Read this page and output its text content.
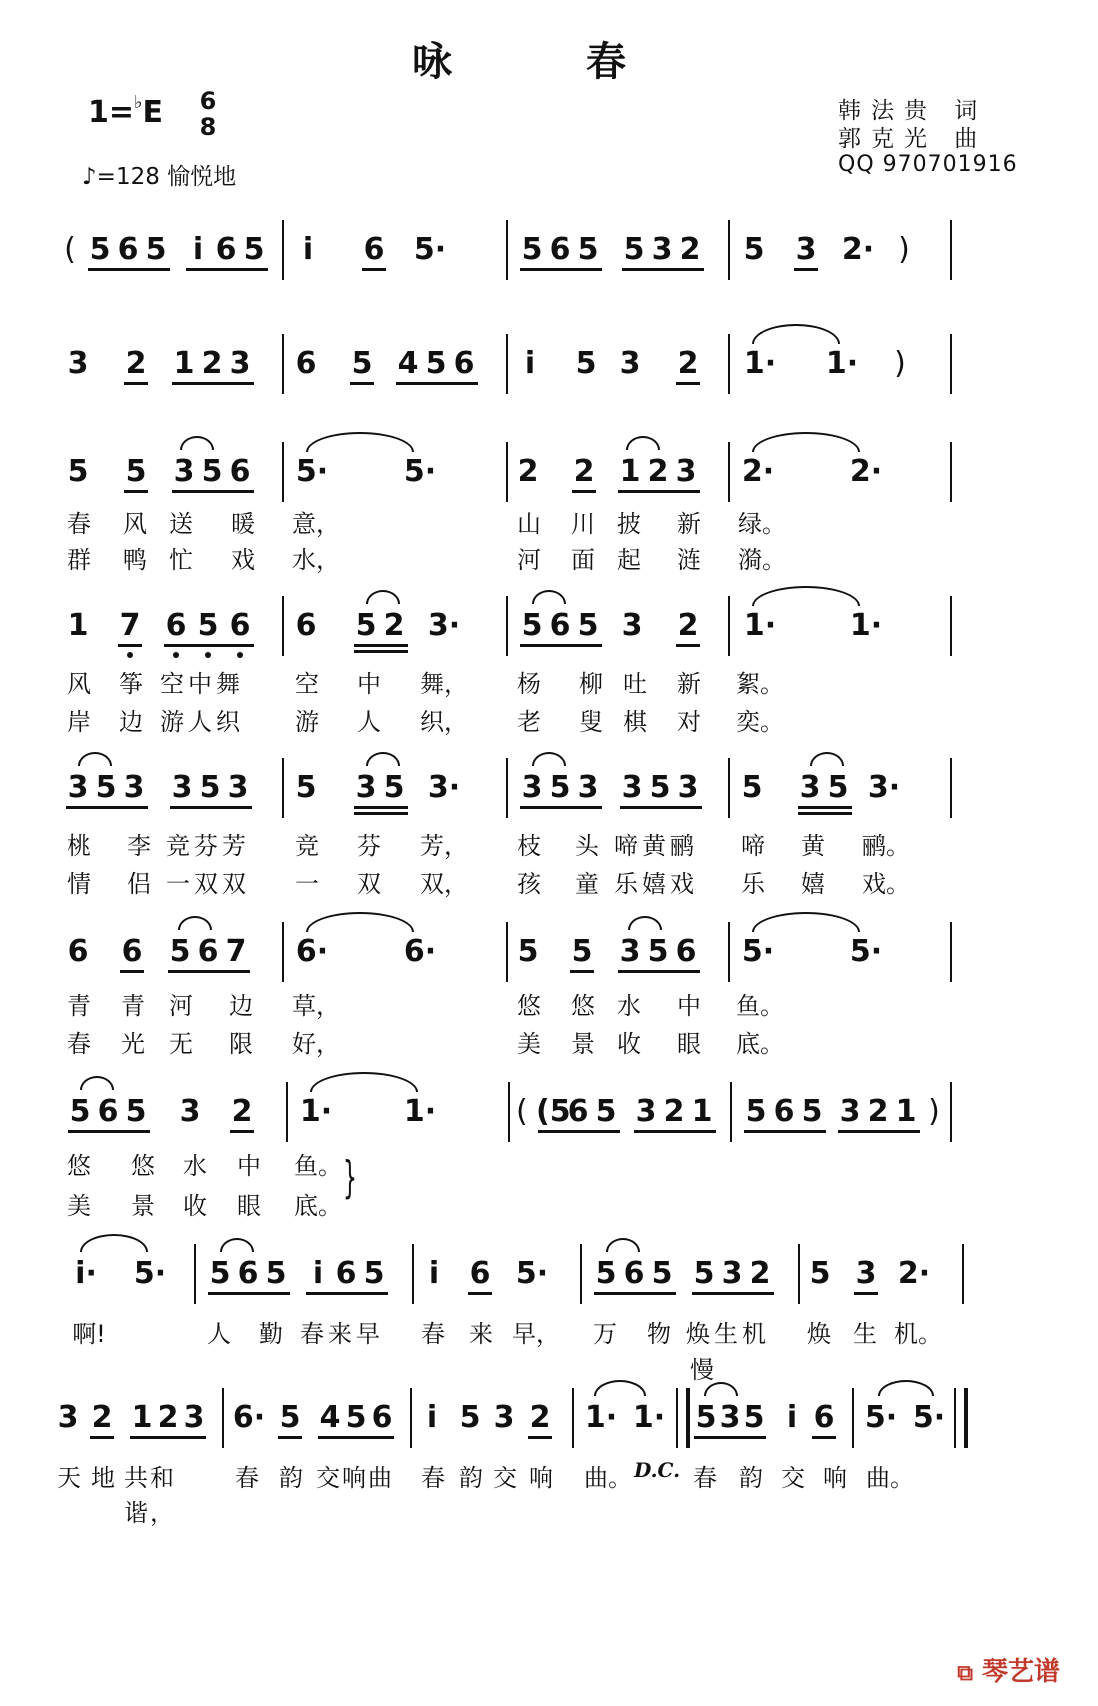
咏 春
1=♭E 6
8
♪=128 愉悦地
韩法贵 词
郭克光 曲
QQ 970701916
( 5 6 5 i 6 5 i 6 5·	5 6 5 5 3 2 5 3 2· )
3 2 1 2 3 6 5 4 5 6 i 5 3 2 1· 1· )
5 5 3 5 6 5·	5·	2 2 1 2 3 2·	2·
春 风 送 暖 意，	山 川 披 新 绿。
群 鸭 忙 戏 水，	河 面 起 涟 漪。
1 7 6 5 6 6 5 2 3· 5 6 5 3 2 1· 1·
风 筝 空中舞	空 中 舞， 杨 柳 吐 新 絮。
岸 边 游人织	游 人 织， 老 叟 棋 对 奕。
3 5 3 3 5 3 5 3 5 3· 3 5 3 3 5 3 5 3 5 3·
桃 李 竞芬芳	竞 芬 芳， 枝 头 啼黄鹂	啼 黄 鹂。
情 侣 一双双	一 双 双， 孩 童 乐嬉戏	乐 嬉 戏。
6 6 5 6 7 6·	6·	5 5 3 5 6 5·	5·
青 青 河 边 草，	悠 悠 水 中 鱼。
春 光 无 限 好，	美 景 收 眼 底。
5 6 5 3 2 1· 1·	( (5
6 5 3 2 1 5 6 5 3 2 1 )
悠 悠 水 中 鱼。
美 景 收 眼 底。
}
i·	5· 5 6 5 i 6 5 i 6 5· 5 6 5 5 3 2 5 3 2·
啊!	人 勤 春来早	春 来 早， 万 物 焕生机	焕 生 机。
慢
3 2 1 2 3 6· 5 4 5 6 i 5 3 2 1· 1· 5 3 5 i 6 5· 5·
天 地 共和谐，
春 韵 交响曲	春 韵 交 响 曲。 D.C. 春 韵 交 响 曲。
⧉ 琴艺谱
